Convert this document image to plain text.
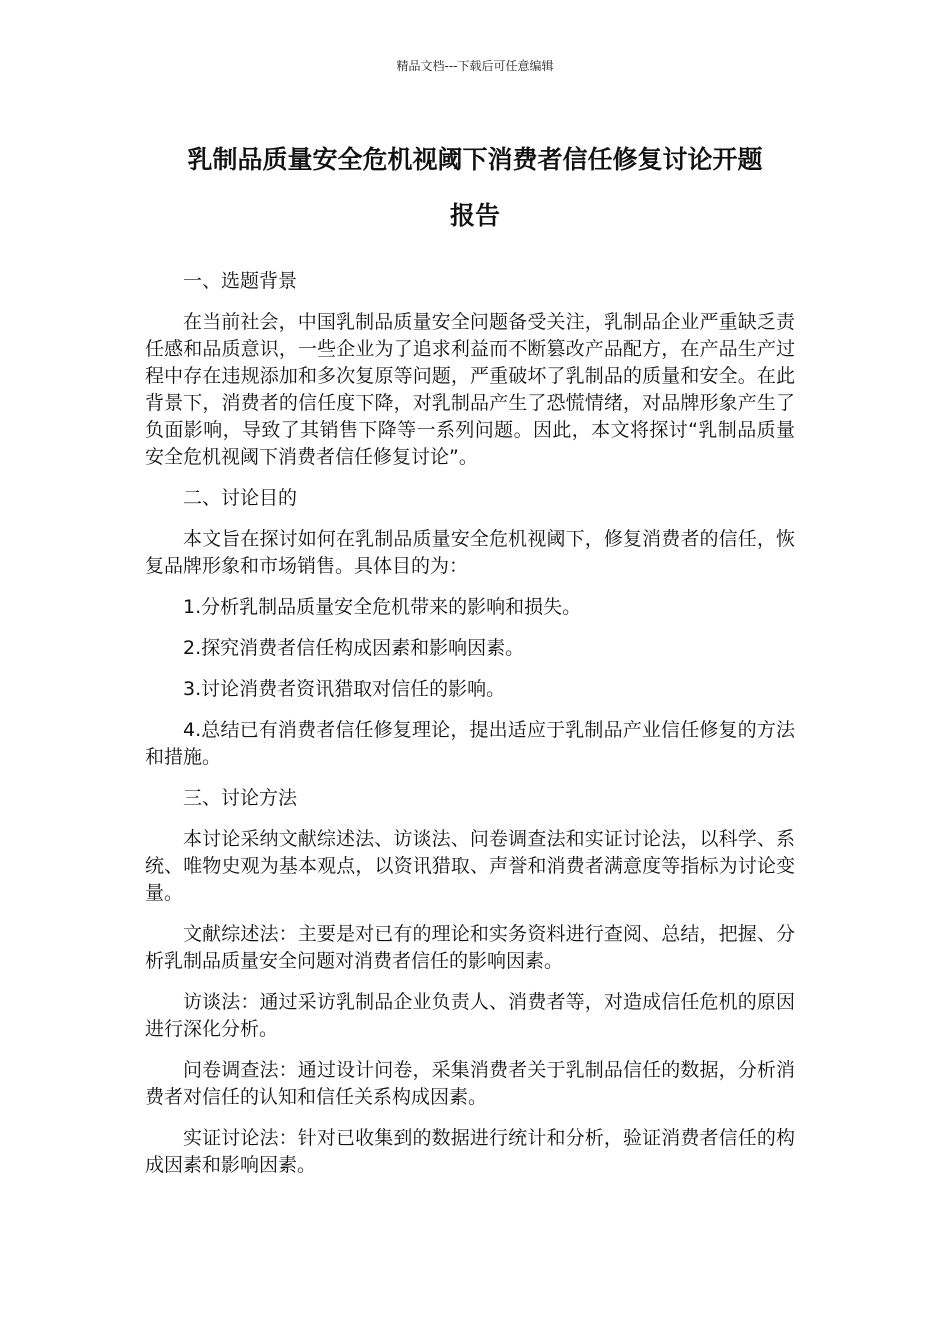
精品文档---下载后可任意编辑
乳制品质量安全危机视阈下消费者信任修复讨论开题
报告

一、选题背景

在当前社会，中国乳制品质量安全问题备受关注，乳制品企业严重缺乏责任感和品质意识，一些企业为了追求利益而不断篡改产品配方，在产品生产过程中存在违规添加和多次复原等问题，严重破坏了乳制品的质量和安全。在此背景下，消费者的信任度下降，对乳制品产生了恐慌情绪，对品牌形象产生了负面影响，导致了其销售下降等一系列问题。因此，本文将探讨“乳制品质量安全危机视阈下消费者信任修复讨论”。

二、讨论目的

本文旨在探讨如何在乳制品质量安全危机视阈下，修复消费者的信任，恢复品牌形象和市场销售。具体目的为：

1.分析乳制品质量安全危机带来的影响和损失。

2.探究消费者信任构成因素和影响因素。

3.讨论消费者资讯猎取对信任的影响。

4.总结已有消费者信任修复理论，提出适应于乳制品产业信任修复的方法和措施。

三、讨论方法

本讨论采纳文献综述法、访谈法、问卷调查法和实证讨论法，以科学、系统、唯物史观为基本观点，以资讯猎取、声誉和消费者满意度等指标为讨论变量。

文献综述法：主要是对已有的理论和实务资料进行查阅、总结，把握、分析乳制品质量安全问题对消费者信任的影响因素。

访谈法：通过采访乳制品企业负责人、消费者等，对造成信任危机的原因进行深化分析。

问卷调查法：通过设计问卷，采集消费者关于乳制品信任的数据，分析消费者对信任的认知和信任关系构成因素。

实证讨论法：针对已收集到的数据进行统计和分析，验证消费者信任的构成因素和影响因素。
